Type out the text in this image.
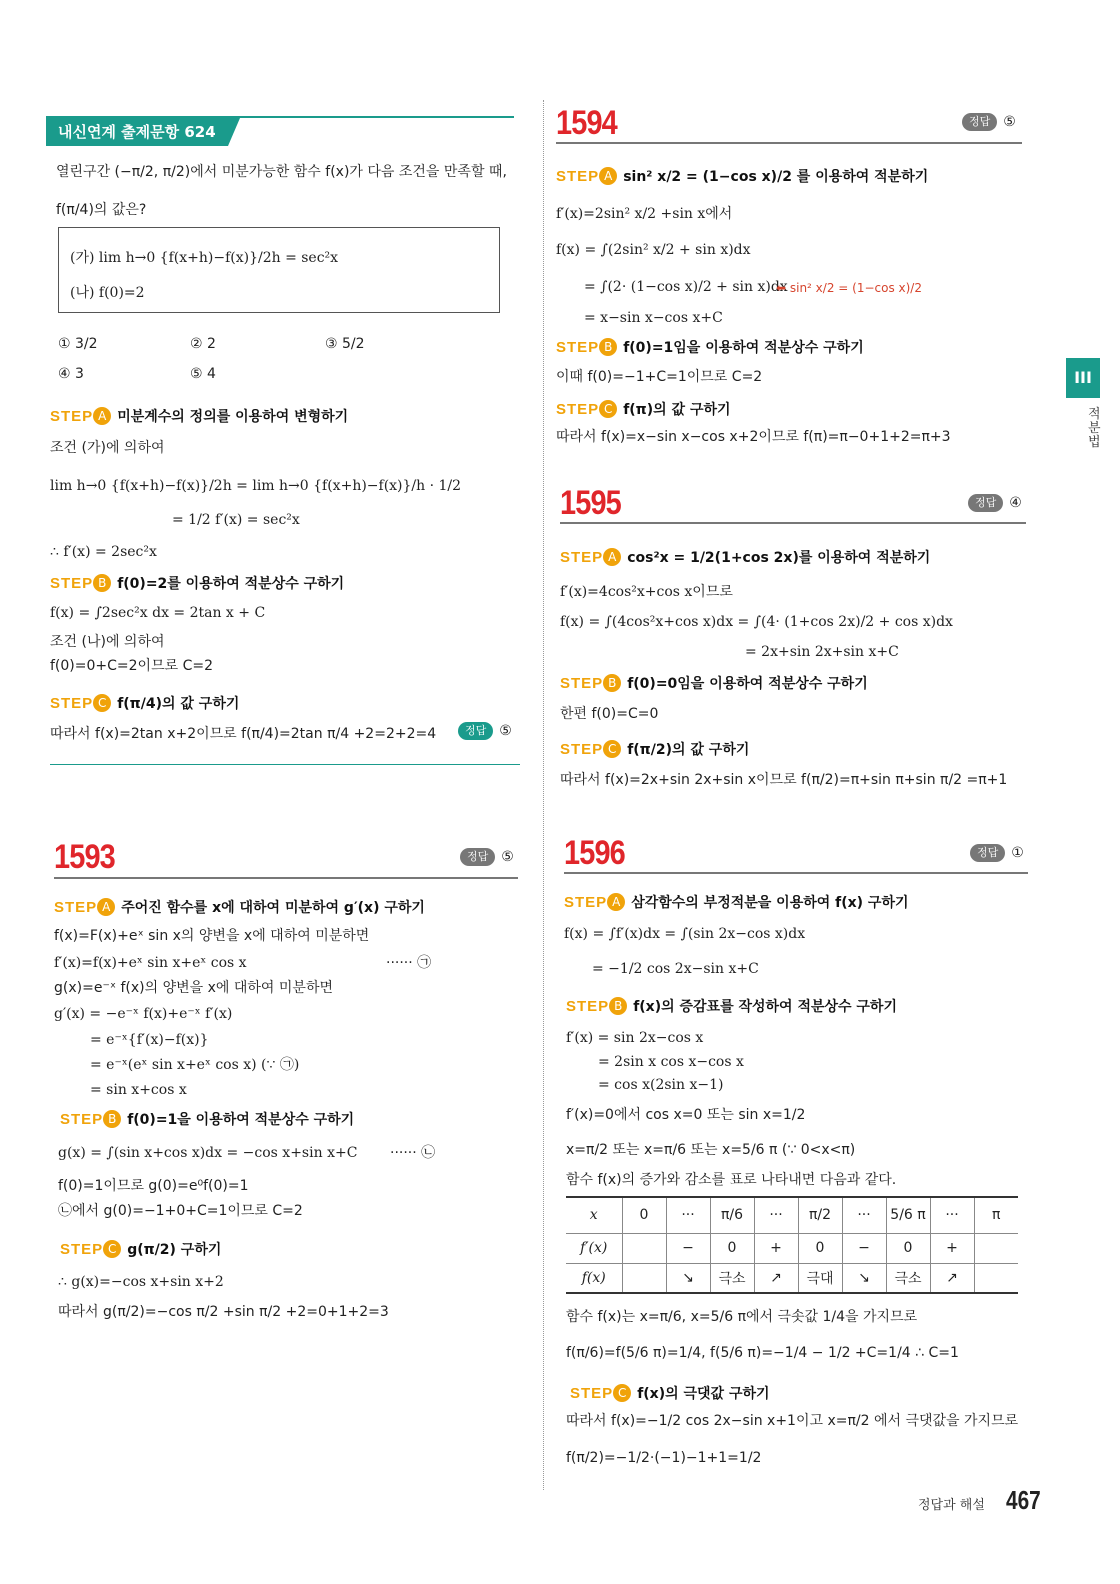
내신연계 출제문항 624
열린구간 (−π/2, π/2)에서 미분가능한 함수 f(x)가 다음 조건을 만족할 때,
f(π/4)의 값은?
(가) lim h→0 {f(x+h)−f(x)}/2h = sec²x
(나) f(0)=2
① 3/2	② 2	③ 5/2
④ 3	⑤ 4
STEP A 미분계수의 정의를 이용하여 변형하기
조건 (가)에 의하여
lim h→0 {f(x+h)−f(x)}/2h = lim h→0 {f(x+h)−f(x)}/h · 1/2
= 1/2 f′(x) = sec²x
∴ f′(x) = 2sec²x
STEP B f(0)=2를 이용하여 적분상수 구하기
f(x) = ∫2sec²x dx = 2tan x + C
조건 (나)에 의하여
f(0)=0+C=2이므로 C=2
STEP C f(π/4)의 값 구하기
따라서 f(x)=2tan x+2이므로 f(π/4)=2tan π/4 +2=2+2=4	정답 ⑤
1593	정답 ⑤
STEP A 주어진 함수를 x에 대하여 미분하여 g′(x) 구하기
f(x)=F(x)+eˣ sin x의 양변을 x에 대하여 미분하면
f′(x)=f(x)+eˣ sin x+eˣ cos x	······ ㉠
g(x)=e⁻ˣ f(x)의 양변을 x에 대하여 미분하면
g′(x) = −e⁻ˣ f(x)+e⁻ˣ f′(x)
= e⁻ˣ{f′(x)−f(x)}
= e⁻ˣ(eˣ sin x+eˣ cos x) (∵ ㉠)
= sin x+cos x
STEP B f(0)=1을 이용하여 적분상수 구하기
g(x) = ∫(sin x+cos x)dx = −cos x+sin x+C ······ ㉡
f(0)=1이므로 g(0)=e⁰f(0)=1
㉡에서 g(0)=−1+0+C=1이므로 C=2
STEP C g(π/2) 구하기
∴ g(x)=−cos x+sin x+2
따라서 g(π/2)=−cos π/2 +sin π/2 +2=0+1+2=3
1594	정답 ⑤
STEP A sin² x/2 = (1−cos x)/2 를 이용하여 적분하기
f′(x)=2sin² x/2 +sin x에서
f(x) = ∫(2sin² x/2 + sin x)dx
= ∫(2· (1−cos x)/2 + sin x)dx
⬅ sin² x/2 = (1−cos x)/2
= x−sin x−cos x+C
STEP B f(0)=1임을 이용하여 적분상수 구하기
이때 f(0)=−1+C=1이므로 C=2
STEP C f(π)의 값 구하기
따라서 f(x)=x−sin x−cos x+2이므로 f(π)=π−0+1+2=π+3
1595	정답 ④
STEP A cos²x = 1/2(1+cos 2x)를 이용하여 적분하기
f′(x)=4cos²x+cos x이므로
f(x) = ∫(4cos²x+cos x)dx = ∫(4· (1+cos 2x)/2 + cos x)dx
= 2x+sin 2x+sin x+C
STEP B f(0)=0임을 이용하여 적분상수 구하기
한편 f(0)=C=0
STEP C f(π/2)의 값 구하기
따라서 f(x)=2x+sin 2x+sin x이므로 f(π/2)=π+sin π+sin π/2 =π+1
1596	정답 ①
STEP A 삼각함수의 부정적분을 이용하여 f(x) 구하기
f(x) = ∫f′(x)dx = ∫(sin 2x−cos x)dx
= −1/2 cos 2x−sin x+C
STEP B f(x)의 증감표를 작성하여 적분상수 구하기
f′(x) = sin 2x−cos x
= 2sin x cos x−cos x
= cos x(2sin x−1)
f′(x)=0에서 cos x=0 또는 sin x=1/2
x=π/2 또는 x=π/6 또는 x=5/6 π (∵ 0<x<π)
함수 f(x)의 증가와 감소를 표로 나타내면 다음과 같다.
x	0	···	π/6	···	π/2	···	5/6 π	···	π
f′(x)		−	0	+	0	−	0	+	
f(x)		↘	극소	↗	극대	↘	극소	↗	
함수 f(x)는 x=π/6, x=5/6 π에서 극솟값 1/4을 가지므로
f(π/6)=f(5/6 π)=1/4, f(5/6 π)=−1/4 − 1/2 +C=1/4 ∴ C=1
STEP C f(x)의 극댓값 구하기
따라서 f(x)=−1/2 cos 2x−sin x+1이고 x=π/2 에서 극댓값을 가지므로
f(π/2)=−1/2·(−1)−1+1=1/2
III
적분법
정답과 해설 467
